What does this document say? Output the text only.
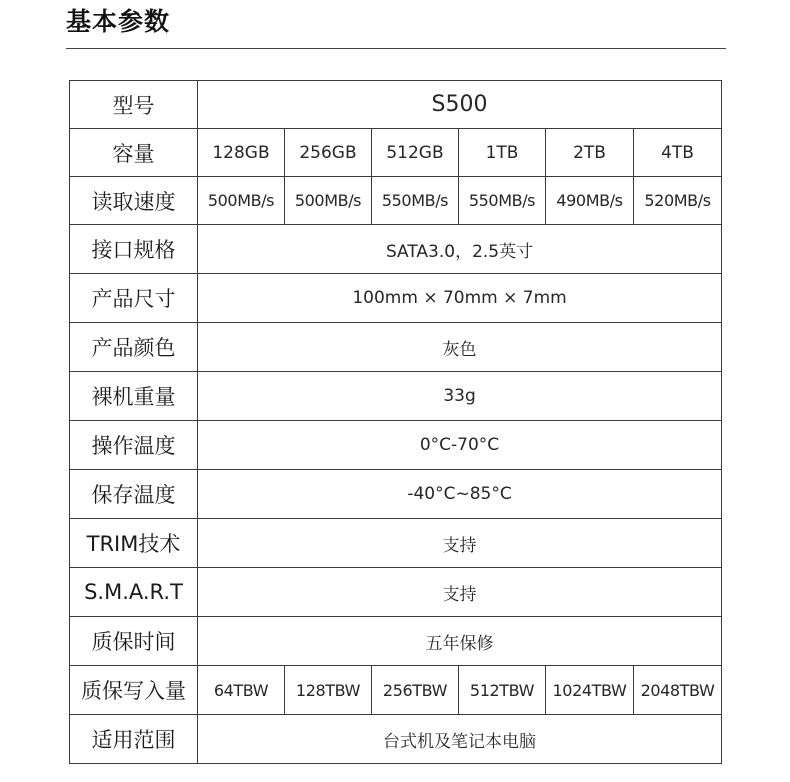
基本参数
型号	S500					
容量	128GB	256GB	512GB	1TB	2TB	4TB
读取速度	500MB/s	500MB/s	550MB/s	550MB/s	490MB/s	520MB/s
接口规格	SATA3.0，2.5英寸					
产品尺寸	100mm × 70mm × 7mm					
产品颜色	灰色					
裸机重量	33g					
操作温度	0°C-70°C					
保存温度	-40°C~85°C					
TRIM技术	支持					
S.M.A.R.T	支持					
质保时间	五年保修					
质保写入量	64TBW	128TBW	256TBW	512TBW	1024TBW	2048TBW
适用范围	台式机及笔记本电脑					
